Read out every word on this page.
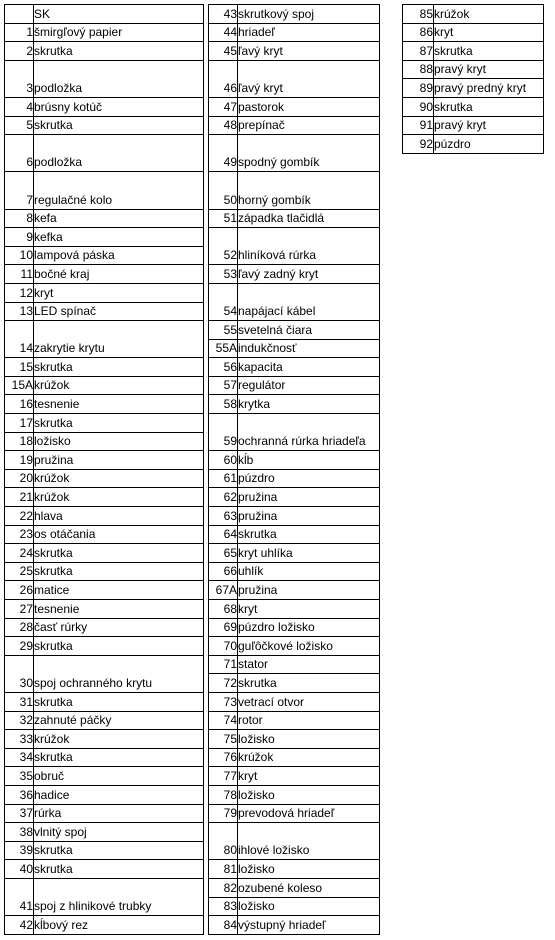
	SK
1	šmirgľový papier
2	skrutka
3	podložka
4	brúsny kotúč
5	skrutka
6	podložka
7	regulačné kolo
8	kefa
9	kefka
10	lampová páska
11	bočné kraj
12	kryt
13	LED spínač
14	zakrytie krytu
15	skrutka
15A	krúžok
16	tesnenie
17	skrutka
18	ložisko
19	pružina
20	krúžok
21	krúžok
22	hlava
23	os otáčania
24	skrutka
25	skrutka
26	matice
27	tesnenie
28	časť rúrky
29	skrutka
30	spoj ochranného krytu
31	skrutka
32	zahnuté páčky
33	krúžok
34	skrutka
35	obruč
36	hadice
37	rúrka
38	vlnitý spoj
39	skrutka
40	skrutka
41	spoj z hlinikové trubky
42	kĺbový rez
43	skrutkový spoj
44	hriadeľ
45	ľavý kryt
46	ľavý kryt
47	pastorok
48	prepínač
49	spodný gombík
50	horný gombík
51	západka tlačidlá
52	hliníková rúrka
53	ľavý zadný kryt
54	napájací kábel
55	svetelná čiara
55A	indukčnosť
56	kapacita
57	regulátor
58	krytka
59	ochranná rúrka hriadeľa
60	kĺb
61	púzdro
62	pružina
63	pružina
64	skrutka
65	kryt uhlíka
66	uhlík
67A	pružina
68	kryt
69	púzdro ložisko
70	guľôčkové ložisko
71	stator
72	skrutka
73	vetrací otvor
74	rotor
75	ložisko
76	krúžok
77	kryt
78	ložisko
79	prevodová hriadeľ
80	ihlové ložisko
81	ložisko
82	ozubené koleso
83	ložisko
84	výstupný hriadeľ
85	krúžok
86	kryt
87	skrutka
88	pravý kryt
89	pravý predný kryt
90	skrutka
91	pravý kryt
92	púzdro
